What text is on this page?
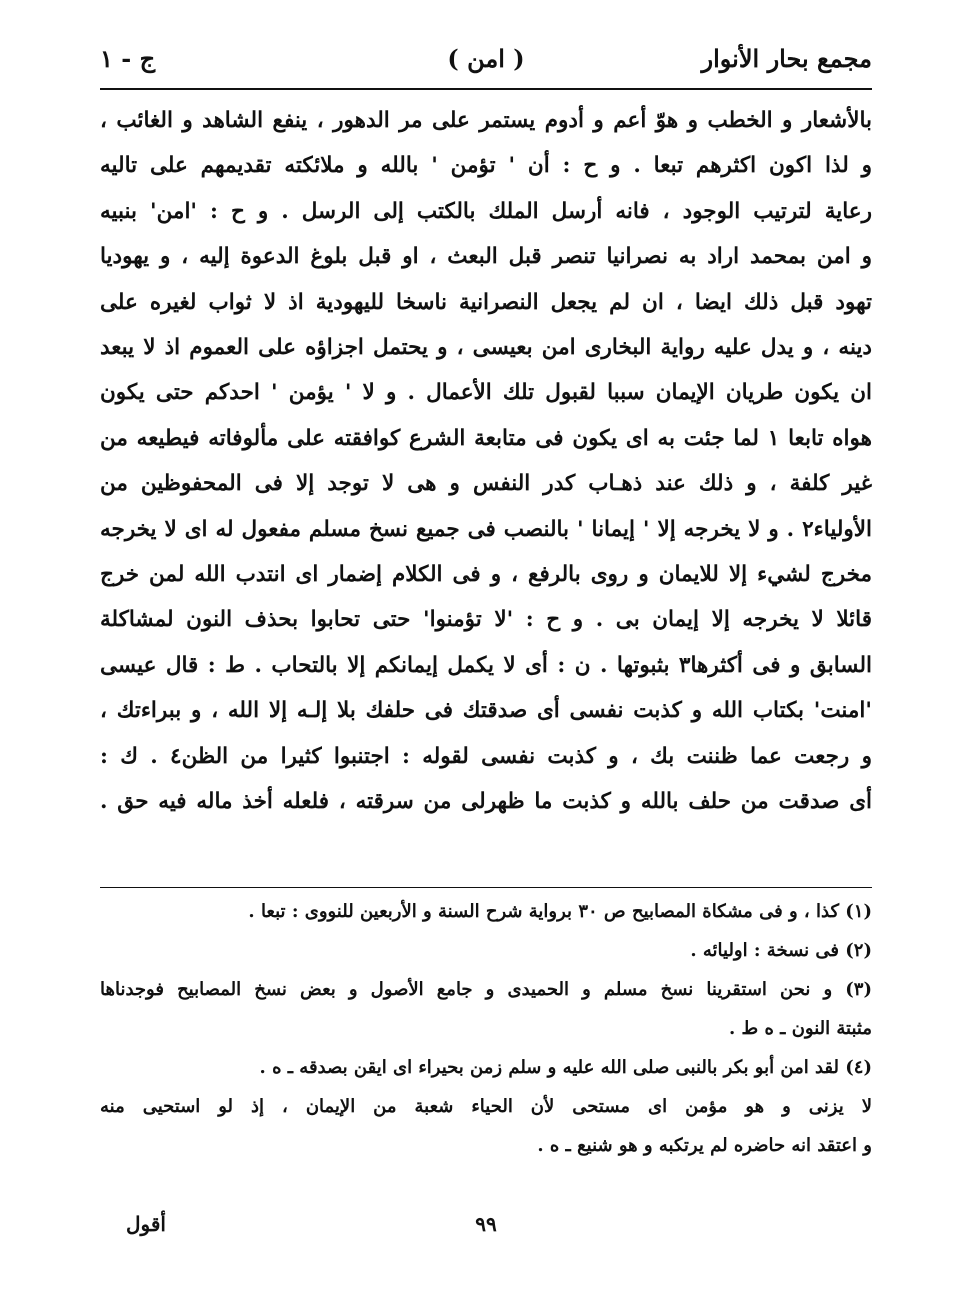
ج - ١	( امن )	مجمع بحار الأنوار
بالأشعار و الخطب و هوّ أعم و أدوم يستمر على مر الدهور ، ينفع الشاهد و الغائب ،
و لذا اكون اكثرهم تبعا . و ح : أن ' تؤمن ' بالله و ملائكته تقديمهم على تاليه
رعاية لترتيب الوجود ، فانه أرسل الملك بالكتب إلى الرسل . و ح : 'امن' بنبيه
و امن بمحمد اراد به نصرانيا تنصر قبل البعث ، او قبل بلوغ الدعوة إليه ، و يهوديا
تهود قبل ذلك ايضا ، ان لم يجعل النصرانية ناسخا لليهودية اذ لا ثواب لغيره على
دينه ، و يدل عليه رواية البخارى امن بعيسى ، و يحتمل اجزاؤه على العموم اذ لا يبعد
ان يكون طريان الإيمان سببا لقبول تلك الأعمال . و لا ' يؤمن ' احدكم حتى يكون
هواه تابعا ١ لما جئت به اى يكون فى متابعة الشرع كوافقته على مألوفاته فيطيعه من
غير كلفة ، و ذلك عند ذهـاب كدر النفس و هى لا توجد إلا فى المحفوظين من
الأولياء٢ . و لا يخرجه إلا ' إيمانا ' بالنصب فى جميع نسخ مسلم مفعول له اى لا يخرجه
مخرج لشيء إلا للايمان و روى بالرفع ، و فى الكلام إضمار اى انتدب الله لمن خرج
قائلا لا يخرجه إلا إيمان بى . و ح : 'لا تؤمنوا' حتى تحابوا بحذف النون لمشاكلة
السابق و فى أكثرها٣ بثبوتها . ن : أى لا يكمل إيمانكم إلا بالتحاب . ط : قال عيسى
'امنت' بكتاب الله و كذبت نفسى أى صدقتك فى حلفك بلا إلـه إلا الله ، و ببراءتك ،
و رجعت عما ظننت بك ، و كذبت نفسى لقوله : اجتنبوا كثيرا من الظن٤ . ك :
أى صدقت من حلف بالله و كذبت ما ظهرلى من سرقته ، فلعله أخذ ماله فيه حق .
(١) كذا ، و فى مشكاة المصابيح ص ٣٠ برواية شرح السنة و الأربعين للنووى : تبعا .
(٢) فى نسخة : اوليائه .
(٣) و نحن استقرينا نسخ مسلم و الحميدى و جامع الأصول و بعض نسخ المصابيح فوجدناها
مثبتة النون ـ ه ط .
(٤) لقد امن أبو بكر بالنبى صلى الله عليه و سلم زمن بحيراء اى ايقن بصدقه ـ ه .
لا يزنى و هو مؤمن اى مستحى لأن الحياء شعبة من الإيمان ، إذ لو استحيى منه
و اعتقد انه حاضره لم يرتكبه و هو شنيع ـ ه .
أقول	٩٩
